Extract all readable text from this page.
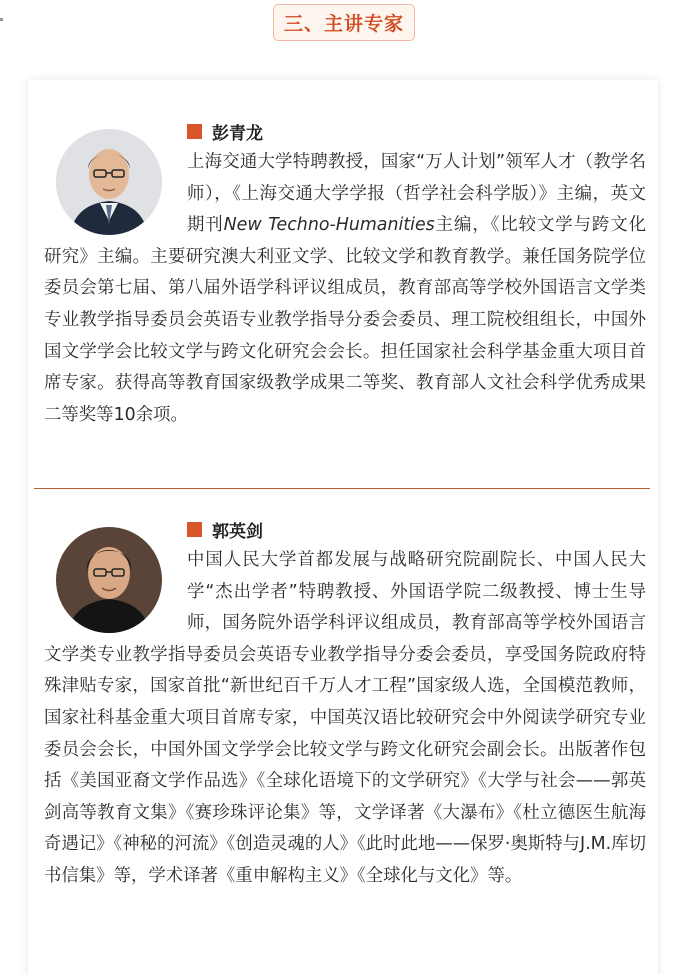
三、主讲专家
彭青龙
上海交通大学特聘教授，国家“万人计划”领军人才（教学名师），《上海交通大学学报（哲学社会科学版）》主编，英文期刊New Techno-Humanities主编，《比较文学与跨文化研究》主编。主要研究澳大利亚文学、比较文学和教育教学。兼任国务院学位委员会第七届、第八届外语学科评议组成员，教育部高等学校外国语言文学类专业教学指导委员会英语专业教学指导分委会委员、理工院校组组长，中国外国文学学会比较文学与跨文化研究会会长。担任国家社会科学基金重大项目首席专家。获得高等教育国家级教学成果二等奖、教育部人文社会科学优秀成果二等奖等10余项。
郭英剑
中国人民大学首都发展与战略研究院副院长、中国人民大学“杰出学者”特聘教授、外国语学院二级教授、博士生导师，国务院外语学科评议组成员，教育部高等学校外国语言文学类专业教学指导委员会英语专业教学指导分委会委员，享受国务院政府特殊津贴专家，国家首批“新世纪百千万人才工程”国家级人选，全国模范教师，国家社科基金重大项目首席专家，中国英汉语比较研究会中外阅读学研究专业委员会会长，中国外国文学学会比较文学与跨文化研究会副会长。出版著作包括《美国亚裔文学作品选》《全球化语境下的文学研究》《大学与社会——郭英剑高等教育文集》《赛珍珠评论集》等，文学译著《大瀑布》《杜立德医生航海奇遇记》《神秘的河流》《创造灵魂的人》《此时此地——保罗·奥斯特与J.M.库切书信集》等，学术译著《重申解构主义》《全球化与文化》等。
